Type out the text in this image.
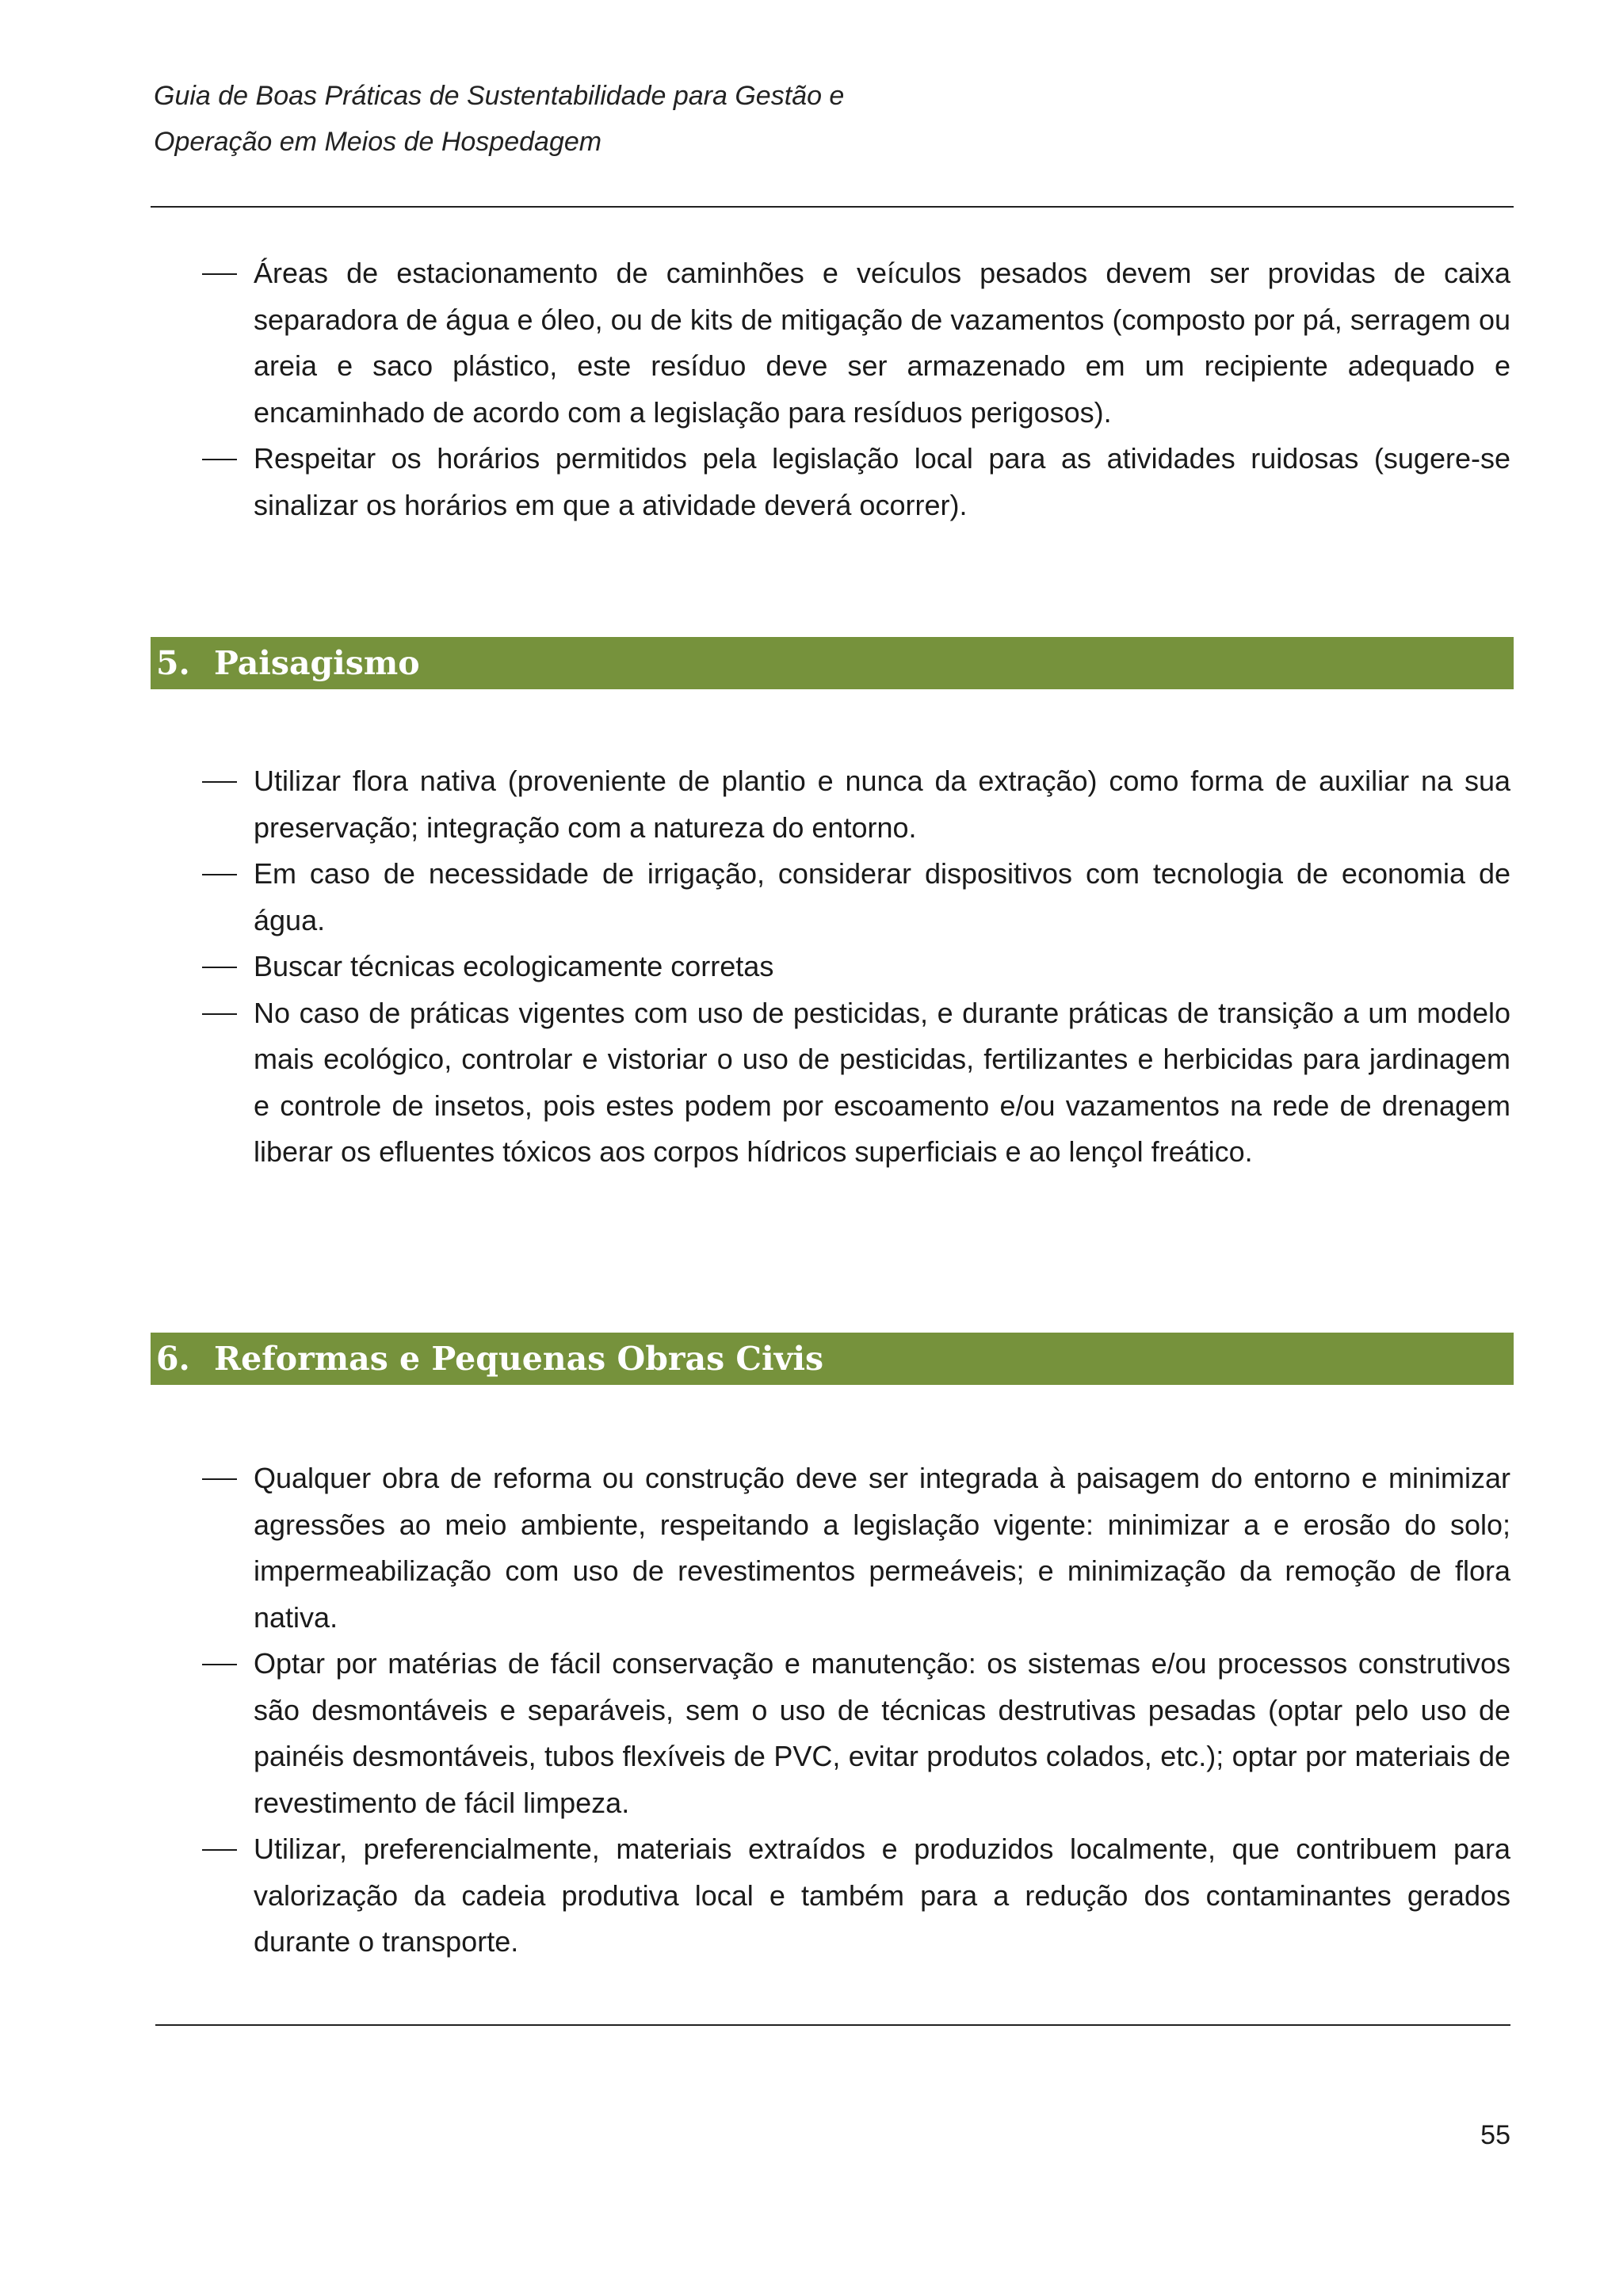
Guia de Boas Práticas de Sustentabilidade para Gestão e
Operação em Meios de Hospedagem
Áreas de estacionamento de caminhões e veículos pesados devem ser providas de caixa separadora de água e óleo, ou de kits de mitigação de vazamentos (composto por pá, serragem ou areia e saco plástico, este resíduo deve ser armazenado em um recipiente adequado e encaminhado de acordo com a legislação para resíduos perigosos).
Respeitar os horários permitidos pela legislação local para as atividades ruidosas (sugere-se sinalizar os horários em que a atividade deverá ocorrer).
5. Paisagismo
Utilizar flora nativa (proveniente de plantio e nunca da extração) como forma de auxiliar na sua preservação; integração com a natureza do entorno.
Em caso de necessidade de irrigação, considerar dispositivos com tecnologia de economia de água.
Buscar técnicas ecologicamente corretas
No caso de práticas vigentes com uso de pesticidas, e durante práticas de transição a um modelo mais ecológico, controlar e vistoriar o uso de pesticidas, fertilizantes e herbicidas para jardinagem e controle de insetos, pois estes podem por escoamento e/ou vazamentos na rede de drenagem liberar os efluentes tóxicos aos corpos hídricos superficiais e ao lençol freático.
6. Reformas e Pequenas Obras Civis
Qualquer obra de reforma ou construção deve ser integrada à paisagem do entorno e minimizar agressões ao meio ambiente, respeitando a legislação vigente: minimizar a e erosão do solo; impermeabilização com uso de revestimentos permeáveis; e minimização da remoção de flora nativa.
Optar por matérias de fácil conservação e manutenção: os sistemas e/ou processos construtivos são desmontáveis e separáveis, sem o uso de técnicas destrutivas pesadas (optar pelo uso de painéis desmontáveis, tubos flexíveis de PVC, evitar produtos colados, etc.); optar por materiais de revestimento de fácil limpeza.
Utilizar, preferencialmente, materiais extraídos e produzidos localmente, que contribuem para valorização da cadeia produtiva local e também para a redução dos contaminantes gerados durante o transporte.
55
